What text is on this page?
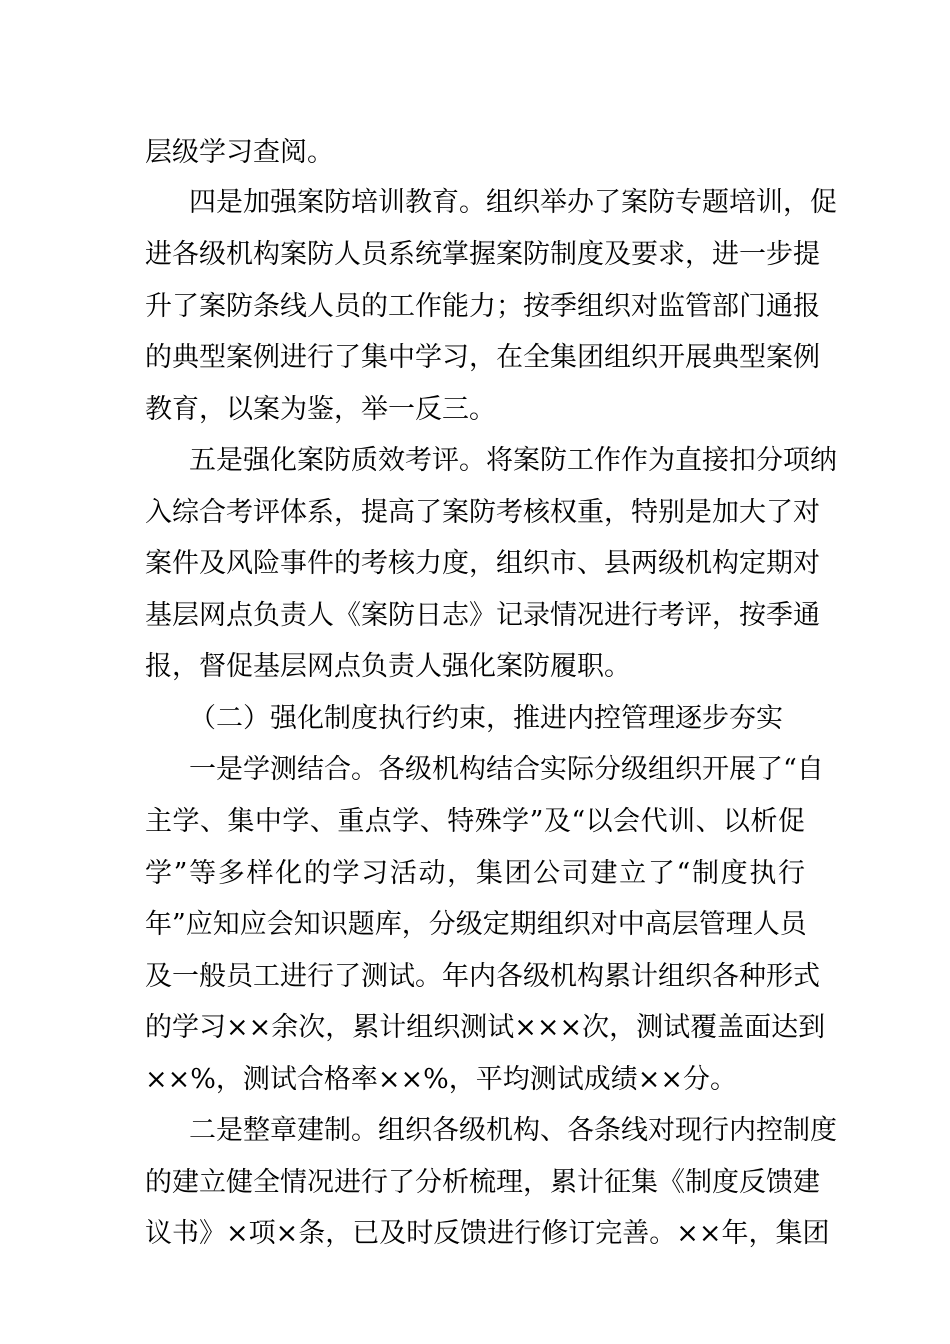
层级学习查阅。
四是加强案防培训教育。组织举办了案防专题培训，促
进各级机构案防人员系统掌握案防制度及要求，进一步提
升了案防条线人员的工作能力；按季组织对监管部门通报
的典型案例进行了集中学习，在全集团组织开展典型案例
教育，以案为鉴，举一反三。
五是强化案防质效考评。将案防工作作为直接扣分项纳
入综合考评体系，提高了案防考核权重，特别是加大了对
案件及风险事件的考核力度，组织市、县两级机构定期对
基层网点负责人《案防日志》记录情况进行考评，按季通
报，督促基层网点负责人强化案防履职。
（二）强化制度执行约束，推进内控管理逐步夯实
一是学测结合。各级机构结合实际分级组织开展了“自
主学、集中学、重点学、特殊学”及“以会代训、以析促
学”等多样化的学习活动，集团公司建立了“制度执行
年”应知应会知识题库，分级定期组织对中高层管理人员
及一般员工进行了测试。年内各级机构累计组织各种形式
的学习××余次，累计组织测试×××次，测试覆盖面达到
××%，测试合格率××%，平均测试成绩××分。
二是整章建制。组织各级机构、各条线对现行内控制度
的建立健全情况进行了分析梳理，累计征集《制度反馈建
议书》×项×条，已及时反馈进行修订完善。××年，集团
